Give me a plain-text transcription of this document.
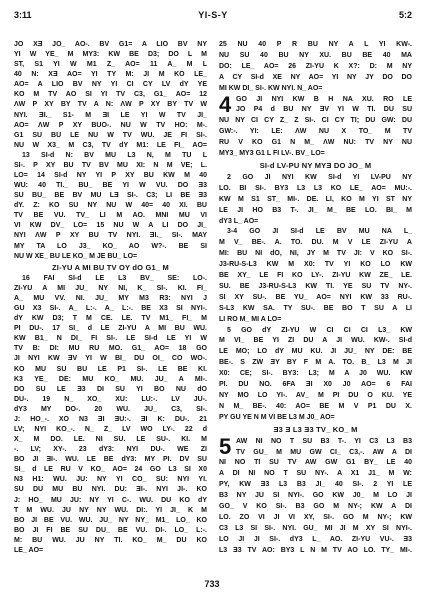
3:11	YI-S-Y	5:2
JO XƎ JO_ AO-. BV G1= A LIO BV NY
YI W YE_ M MY3: KW BE D3; DO L M
ST, S1 YI W M1 Z_ AO= 11 A_ M L
40 N: XƎ AO= YI TY M: JI M KO LE_
AO= A LIO BV NY YI CI CY LV dY YE
KO M TV AO SI YI TV C3, G1_ AO= 12
ΛW P XY BY TV A N: ΛW P XY BY TV W
NYI. ƎI._ S1- M ƎI LE YI W TV JI_
AO= ΛW P XY BUO-. NU W TV HO: M-.
G1 SU BU LE NU W TV WU. JE FI SI-.
NU W X3_ M C3, TV dY M1: LE FI_ AO=
13 SI-d N: BV MU L3 N, M TU L
SI-. P XY BU TV BV MU XI: N M VE; L.
LO= 14 SI-d NY YI P XY BU KW M 40
WU: 40 TI._ BU_ BE YI W VU. DO Ǝ3
SU BU_ BE BV MU LƎ SI-. C3; LI BE Ǝ3
dY. Z: KO SU NY NU W 40= 40 XI. BU
TV BE VU. TV_ LI M AO. MNI MU VI
VI KW DV_ LO= 15 NU W A LI DO JI_
NYI ΛW P XY BU TV NYI. ƎI._ SI-. MAY
MY TA LO J3_ KO_ AO W?-. BE SI
NU W XE_ BU LE KO_ M JE BU_ LO=
ZI-YU A MI BU TV OY dO G1_ M
16 FAI SI-d LE L3 BV_ SE: LO-.
ZI-YU A MI JU_ NY NI, K_ SI-. KI. FI_
A_ MU VV. NI. JU_ MY M3 R3: NYI J
GU X3 SI-. A_ L:-. A_ L:-. BE X3 SI NYI-.
dY KW D3; T M CE. LE. TV M1_ FI_ M
PI DU-. 17 SI_ d LE ZI-YU A MI BU WU.
KW B1_ N DI_ FI SI-. LE SI-d LE YI W
TV B: DI: MU RU MO. G1_ AO= 18 GO
JI NYI KW ƎV YI W BI_ DU OI_ CO WO-.
KO MU SU BU LE P1 SI-. LE BE KI.
K3 YE_ DE: MU KO_ MU. JU_ A MI-.
DO SU LE Ǝ3 DI SU YI BO NU dO
DU-. 19 N_ XO_ XU: LU:-. LV JU-.
dY3 MY DO-. 20 WU. JU_ C3, SI-.
J: HO_-. XO N3 ƎI ƎU:-. ƎI K: DU-. 21
LV; NYI KO_-. N_ Z_ LV WO LY-. 22 d
X_ M DO. LE. NI SU. LE SU-. KI. M
-. LV; XY-. 23 dY3: NYI DU-. WE ZI
BO JI ƎI-. WU. LE BE dY3: MY PI. DV SU
SI_ d LE RU V KO_ AO= 24 GO L3 SI X0
N3 H1: WU. JU: NY YI CO_ SU: NYI YI.
SU DU MU BU NYI. DU: ƎI-. NYI JI-. KO
J: HO_ MU JU: NY YI C-. WU. DU KO dY
T M WU. JU NY NY WU. DI:. YI JI_ K M
BO JI BE VU. WU. JU_ NY NY_ M1_ LO_ KO
BO JI FI BE SU DU_ BE VU. DI-. LO_ L:-.
M: BU WU. JU NY TI. KO_ M_ DU KO
LE_ AO=
25 NU 40 P R BU NY A L YI KW-.
NU SU 40 BU NY XU. BU BE 40 MA
DO: LE_ AO= 26 ZI-YU K X?: D: M NY
A CY SI-d XE NY AO= YI NY JY DO DO
MI KW DI_ SI-. KW NYI. N_ AO=
4 GO JI NYI KW B H NA XU. RO LE
JO P4 d BU NY ƎV YI W TI. DU SU
NU NY CI CY Z_ Z SI-. CI CY TI; DU GW: DU
GW:-. YI: LE: ΛW NU X TO_ M TV
RU V KO G1 N M_ ΛW NU: TV NY NU
MY3_ MY3 G1 L FI LV-. BV_ LO=
SI-d LV-PU NY MYƎ DO JO_ M
2 GO JI NYI KW SI-d YI LV-PU NY
LO. BI SI-. BY3 L3 L3 KO LE_ AO= MU:-.
KW M S1 ST_ MI-. DE. LI, KO M YI ST NY
LE JI HO B3 T-. JI_ M_ BE LO. BI_ M
dY3 L_ AO=
3-4 GO JI SI-d LE BV MU NA L_
M V_ BE-. A. TO. DU. M V LE ZI-YU A
MI: BU NI dO, NI, JY M TV JI: V KO SI-.
J3-RU-S-L3 KW M X0: TV YI KO LO KW
BE XY_ LE FI KO LY-. ZI-YU KW ZE_ LE.
SU. BE J3-RU-S-L3 KW TI. YE SU TV NY-.
SI XY SU-. BE YU_ AO= NYI KW 33 RU-.
S-L3 KW SA. TY SU-. BE BO T SU A LI
LI RO M_ MI A LO=
5 GO dY ZI-YU W CI CI CI L3_ KW
M VI_ BE YI ZI DU A JI WU. KW-. SI-d
LE MO; LO dY MU KU. JI JU_ NY DE: BE
BE-. S ZW ƎY BY F M A. TO. B_ L3 M JI
X0: CE; SI-. BY3: L3; M A J0 WU. KW
PI. DU NO. 6FA ƎI X0 J0 AO= 6 FAI
NY MO LO YI-. AV_ M PI DU O KU. YE
N M_ BE-. 40: AO= BE M V P1 DU X.
PY GU YE N M VI BE L3 M J0_ AO=
Ǝ3 Ǝ L3 Ǝ3 TV_ KO_ M
5 AW NI NO T SU B3 T-. YI C3 L3 B3
TV GU_ M MU GW CI_ C3,-. AW A DI
NI NO TI SU TV AW GW G1 BY_ LE 40
A DI NI NO T SU NY-. A X1 J1_ M W:
PY, KW Ǝ3 L3 B3 JI_ 40 SI-. 2 YI LE
B3 NY JU SI NYI-. GO KW J0_ M LO JI
GO_ V KO SI-. B3 GO M NY-; KW A DI
LO. ZO VI JI VI XY, SI-. GO M NY-; KW
C3 L3 SI SI-. NYI. GU_ MI JI M XY SI NYI-.
LO JI JI SI-. dY3 L_ AO. ZI-YU VU-. Ǝ3
L3 Ǝ3 TV AO: BY3 L N M TV AO LO. TY_ MI-.
733
